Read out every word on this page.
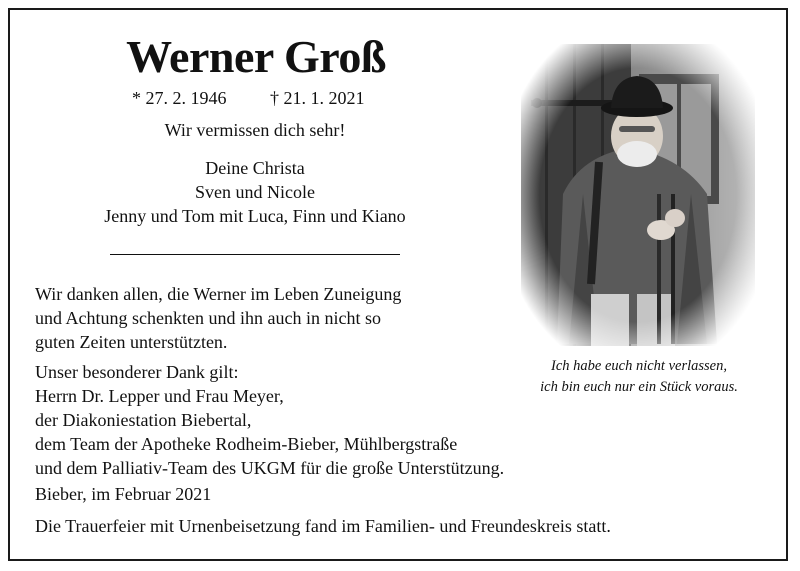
Werner Groß
* 27. 2. 1946 † 21. 1. 2021
Wir vermissen dich sehr!
Deine Christa
Sven und Nicole
Jenny und Tom mit Luca, Finn und Kiano
Wir danken allen, die Werner im Leben Zuneigung
und Achtung schenkten und ihn auch in nicht so
guten Zeiten unterstützten.
Unser besonderer Dank gilt:
Herrn Dr. Lepper und Frau Meyer,
der Diakoniestation Biebertal,
dem Team der Apotheke Rodheim-Bieber, Mühlbergstraße
und dem Palliativ-Team des UKGM für die große Unterstützung.
Bieber, im Februar 2021
Die Trauerfeier mit Urnenbeisetzung fand im Familien- und Freundeskreis statt.
Ich habe euch nicht verlassen,
ich bin euch nur ein Stück voraus.
